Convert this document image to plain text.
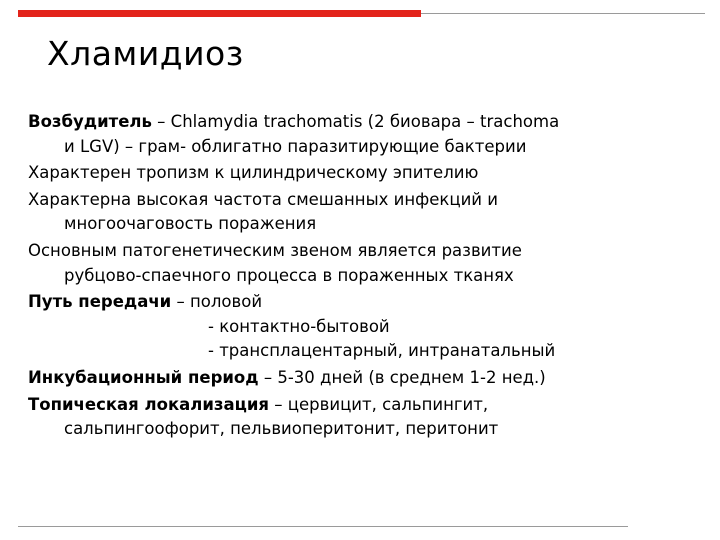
Хламидиоз
Возбудитель – Chlamydia trachomatis (2 биовара – trachoma
и LGV) – грам- облигатно паразитирующие бактерии
Характерен тропизм к цилиндрическому эпителию
Характерна высокая частота смешанных инфекций и
многоочаговость поражения
Основным патогенетическим звеном является развитие
рубцово-спаечного процесса в пораженных тканях
Путь передачи – половой
- контактно-бытовой
- трансплацентарный, интранатальный
Инкубационный период – 5-30 дней (в среднем 1-2 нед.)
Топическая локализация – цервицит, сальпингит,
сальпингоофорит, пельвиоперитонит, перитонит
